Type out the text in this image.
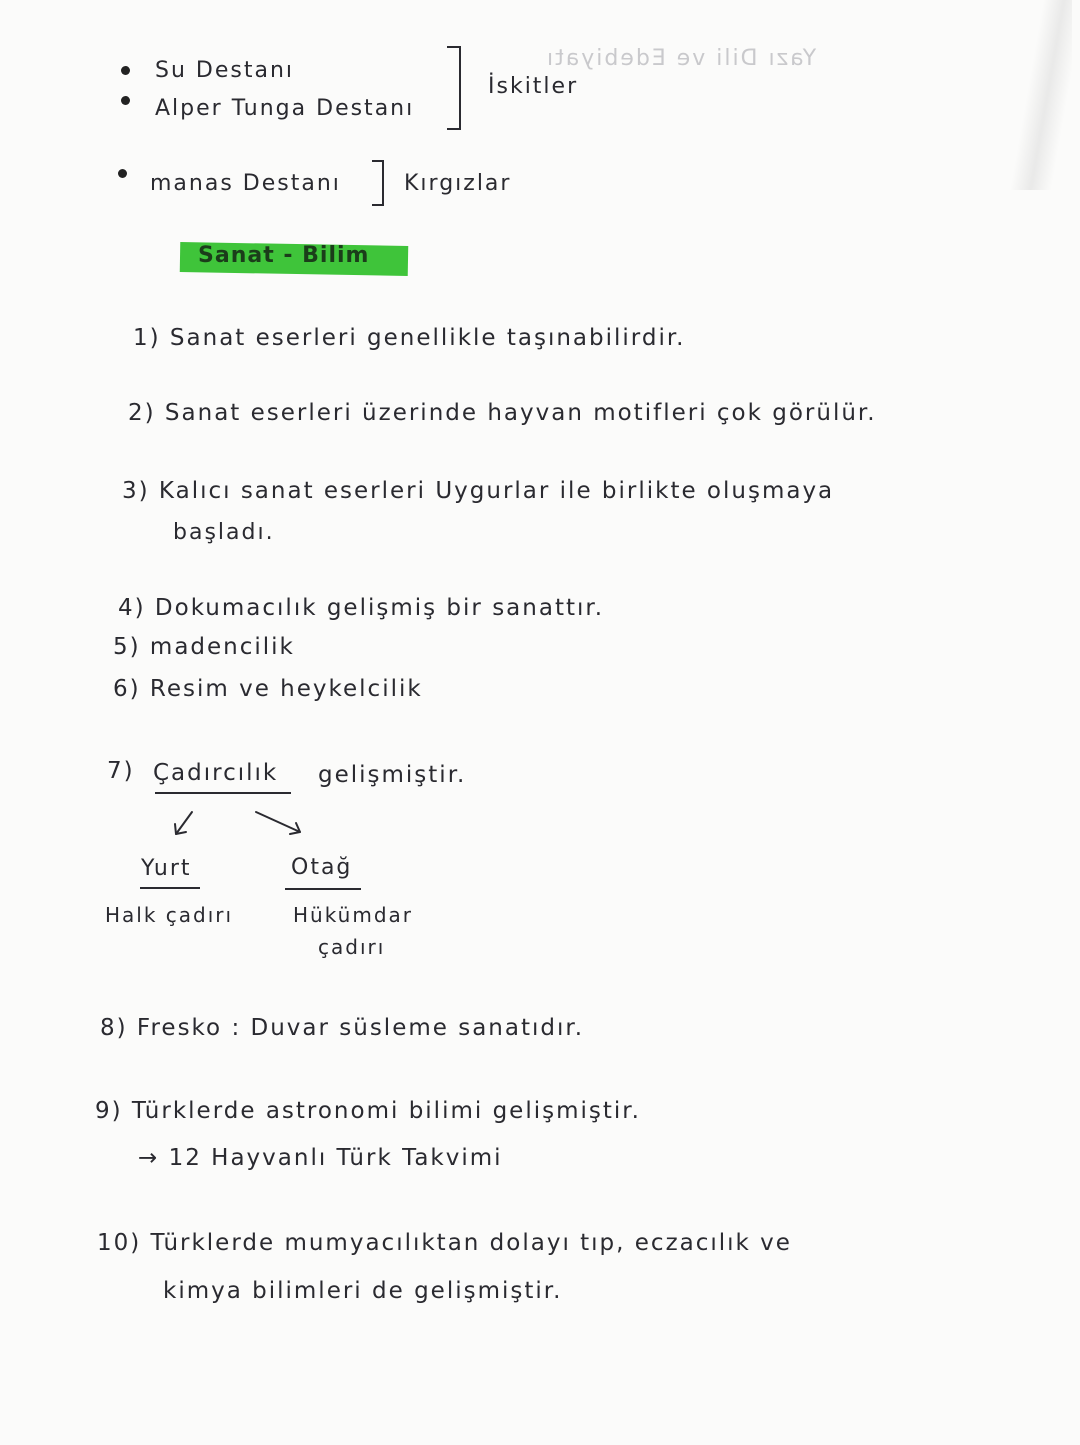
Yazı Dili ve Edebiyatı
Su Destanı
Alper Tunga Destanı
İskitler
manas Destanı	Kırgızlar
Sanat - Bilim
1) Sanat eserleri genellikle taşınabilirdir.
2) Sanat eserleri üzerinde hayvan motifleri çok görülür.
3) Kalıcı sanat eserleri Uygurlar ile birlikte oluşmaya
başladı.
4) Dokumacılık gelişmiş bir sanattır.
5) madencilik
6) Resim ve heykelcilik
7) Çadırcılık gelişmiştir.
Yurt	Otağ
Halk çadırı	Hükümdar
çadırı
8) Fresko : Duvar süsleme sanatıdır.
9) Türklerde astronomi bilimi gelişmiştir.
→ 12 Hayvanlı Türk Takvimi
10) Türklerde mumyacılıktan dolayı tıp, eczacılık ve
kimya bilimleri de gelişmiştir.
